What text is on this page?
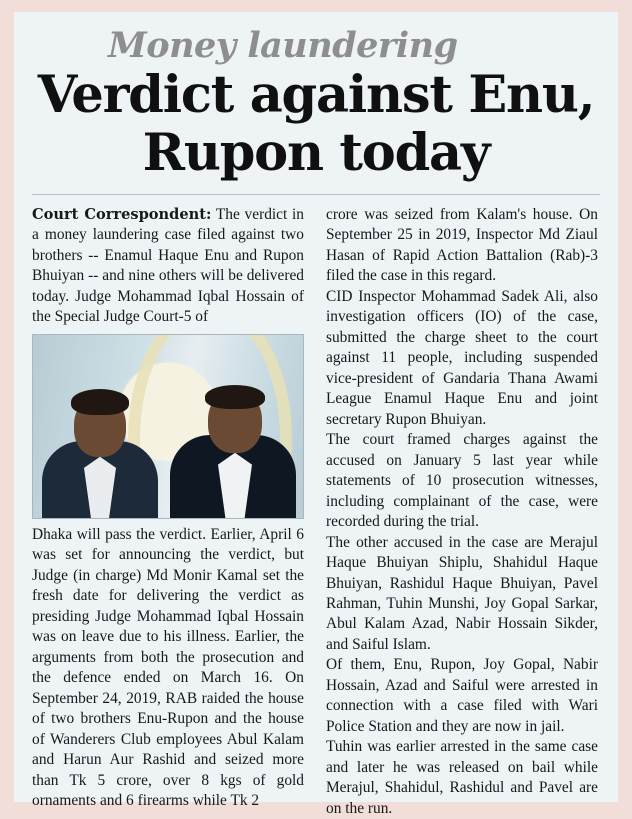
Money laundering
Verdict against Enu,
Rupon today

Court Correspondent: The verdict in a money laundering case filed against two brothers -- Enamul Haque Enu and Rupon Bhuiyan -- and nine others will be delivered today. Judge Mohammad Iqbal Hossain of the Special Judge Court-5 of

Dhaka will pass the verdict. Earlier, April 6 was set for announcing the verdict, but Judge (in charge) Md Monir Kamal set the fresh date for delivering the verdict as presiding Judge Mohammad Iqbal Hossain was on leave due to his illness. Earlier, the arguments from both the prosecution and the defence ended on March 16. On September 24, 2019, RAB raided the house of two brothers Enu-Rupon and the house of Wanderers Club employees Abul Kalam and Harun Aur Rashid and seized more than Tk 5 crore, over 8 kgs of gold ornaments and 6 firearms while Tk 2

crore was seized from Kalam's house. On September 25 in 2019, Inspector Md Ziaul Hasan of Rapid Action Battalion (Rab)-3 filed the case in this regard.

CID Inspector Mohammad Sadek Ali, also investigation officers (IO) of the case, submitted the charge sheet to the court against 11 people, including suspended vice-president of Gandaria Thana Awami League Enamul Haque Enu and joint secretary Rupon Bhuiyan.

The court framed charges against the accused on January 5 last year while statements of 10 prosecution witnesses, including complainant of the case, were recorded during the trial.

The other accused in the case are Merajul Haque Bhuiyan Shiplu, Shahidul Haque Bhuiyan, Rashidul Haque Bhuiyan, Pavel Rahman, Tuhin Munshi, Joy Gopal Sarkar, Abul Kalam Azad, Nabir Hossain Sikder, and Saiful Islam.

Of them, Enu, Rupon, Joy Gopal, Nabir Hossain, Azad and Saiful were arrested in connection with a case filed with Wari Police Station and they are now in jail.

Tuhin was earlier arrested in the same case and later he was released on bail while Merajul, Shahidul, Rashidul and Pavel are on the run.
